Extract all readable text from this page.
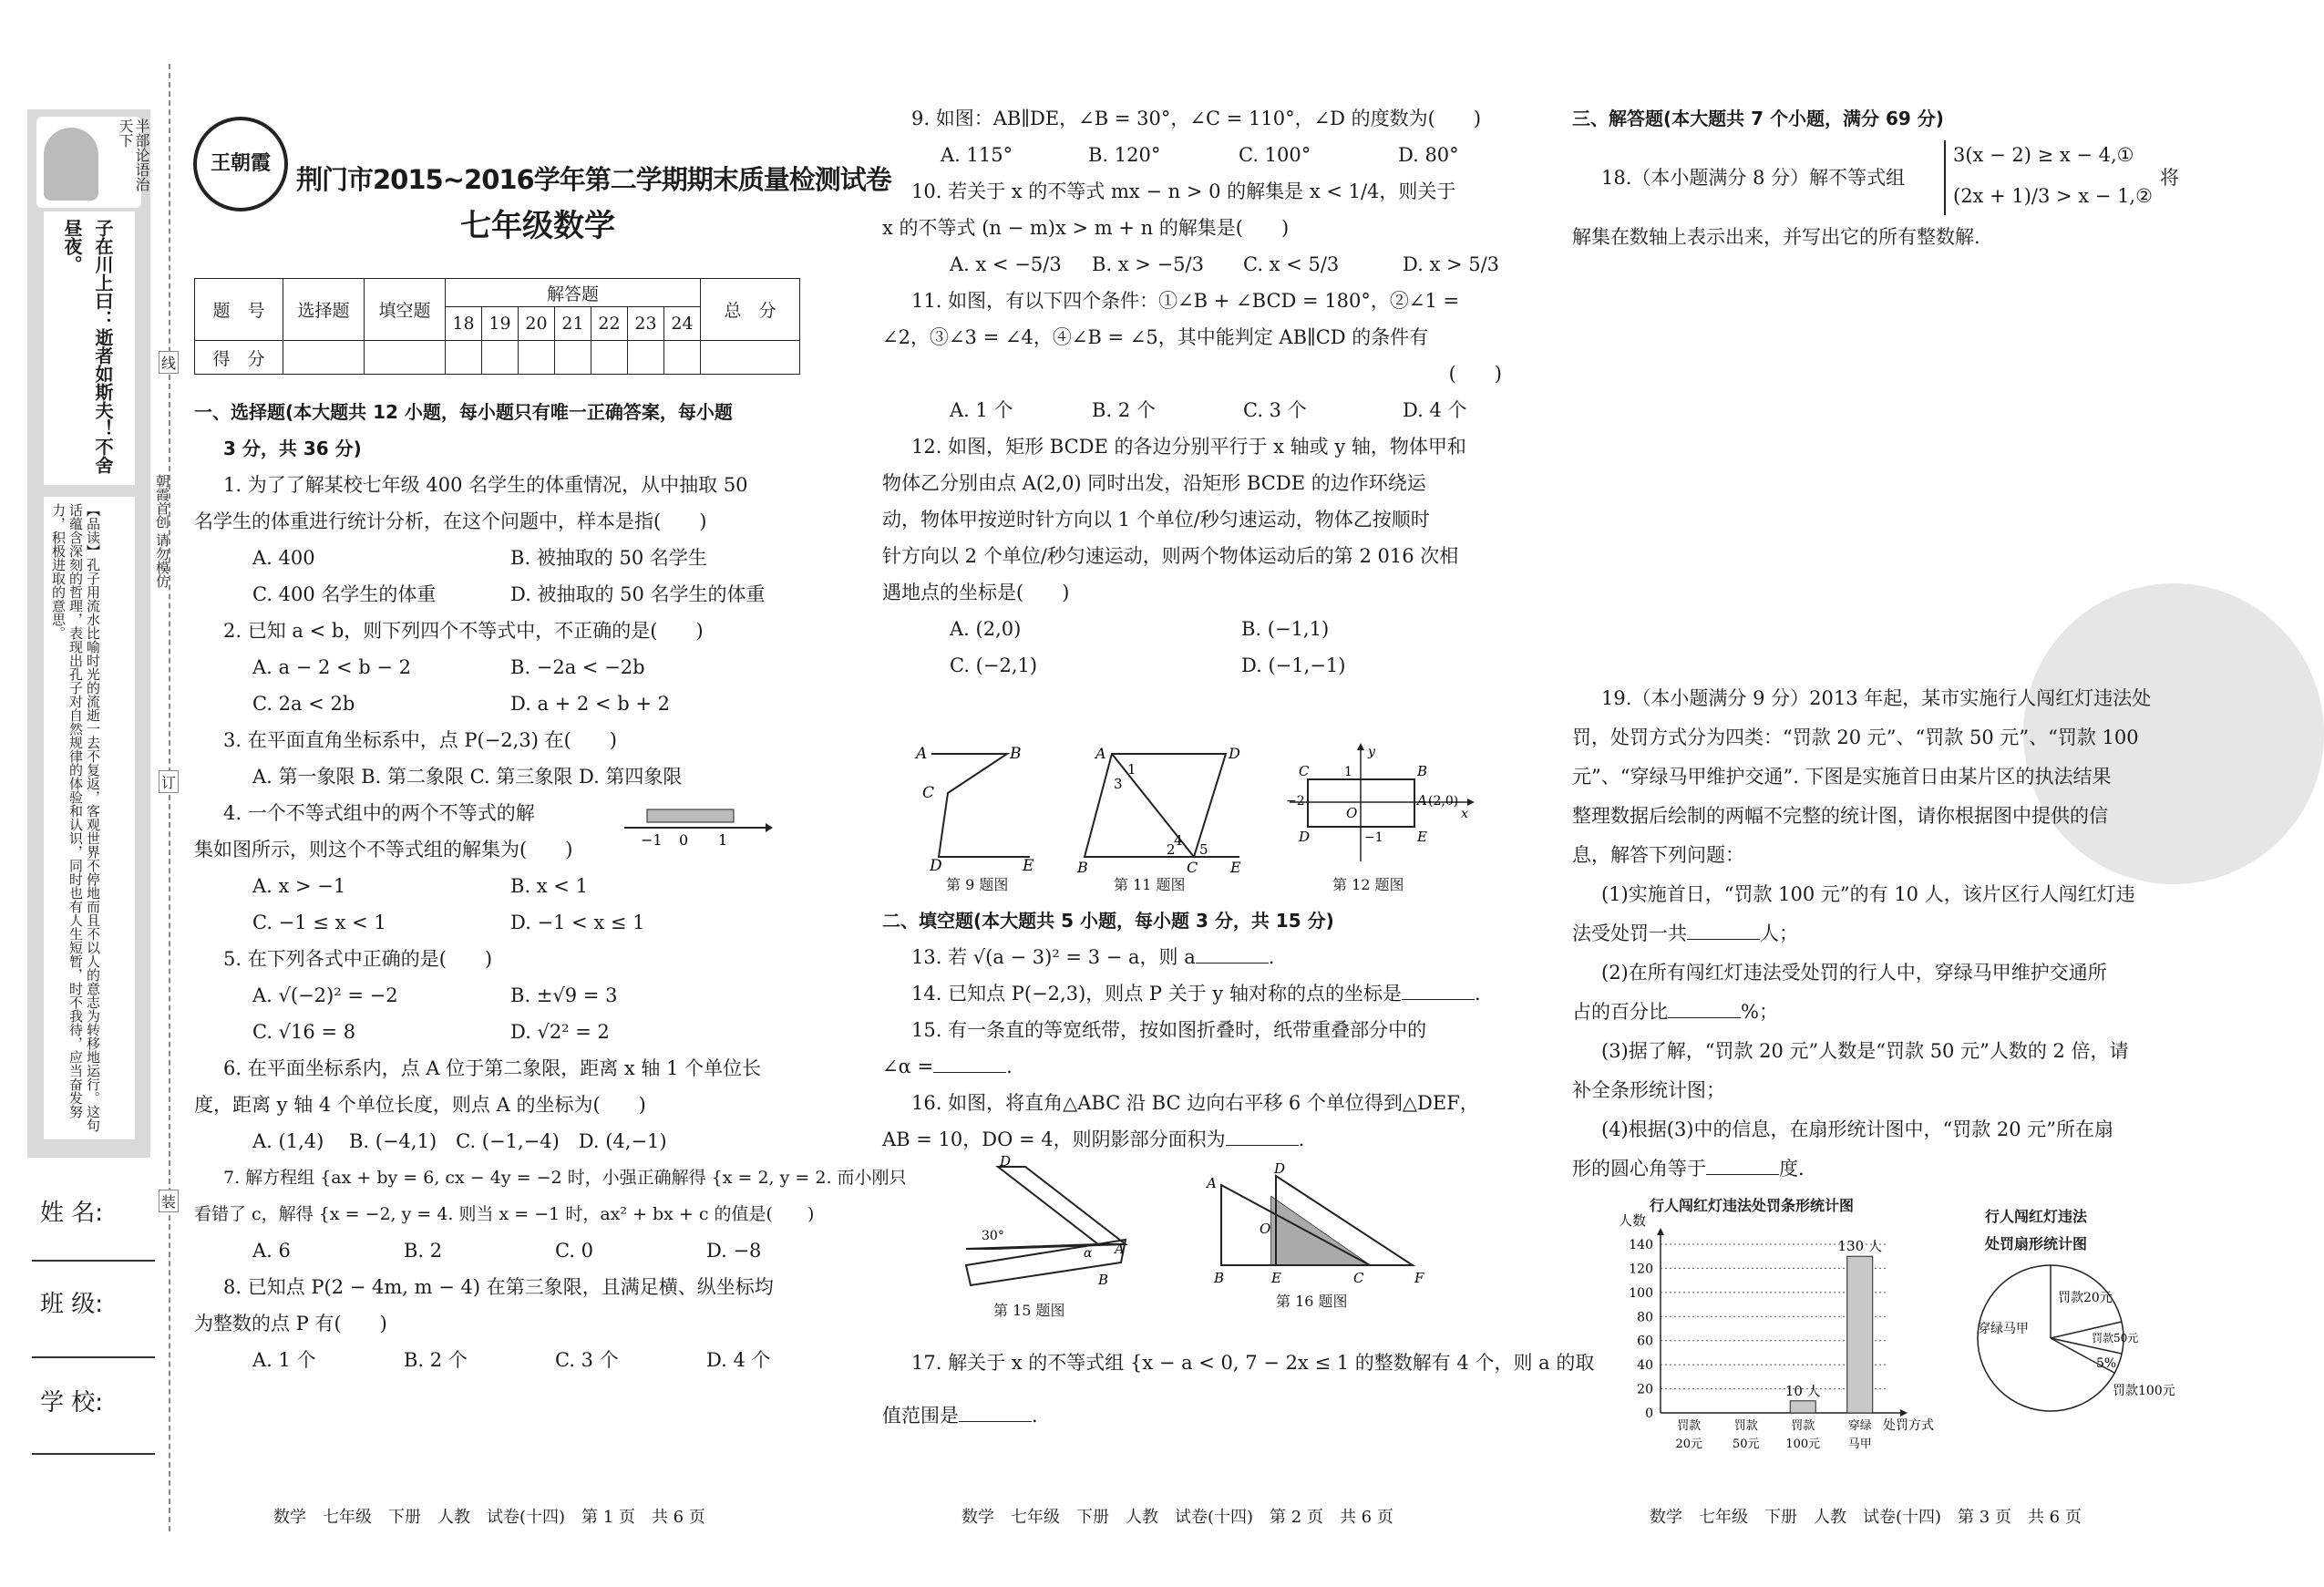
半部论语治天下
子在川上曰：逝者如斯夫！不舍昼夜。
【品读】孔子用流水比喻时光的流逝一去不复返，客观世界不停地而且不以人的意志为转移地运行。这句话蕴含深刻的哲理，表现出孔子对自然规律的体验和认识，同时也有人生短暂，时不我待，应当奋发努力，积极进取的意思。	朝霞首创 请勿模仿
线
订
装
姓 名:
班 级:
学 校:
王朝霞
荆门市2015~2016学年第二学期期末质量检测试卷
七年级数学
题　号	选择题	填空题	解答题							总　分
			18	19	20	21	22	23	24	
得　分										

一、选择题(本大题共 12 小题，每小题只有唯一正确答案，每小题

3 分，共 36 分)

1. 为了了解某校七年级 400 名学生的体重情况，从中抽取 50

名学生的体重进行统计分析，在这个问题中，样本是指(　　)

A. 400	B. 被抽取的 50 名学生

C. 400 名学生的体重	D. 被抽取的 50 名学生的体重

2. 已知 a < b，则下列四个不等式中，不正确的是(　　)

A. a − 2 < b − 2	B. −2a < −2b

C. 2a < 2b	D. a + 2 < b + 2

3. 在平面直角坐标系中，点 P(−2,3) 在(　　)

A. 第一象限 B. 第二象限 C. 第三象限 D. 第四象限

4. 一个不等式组中的两个不等式的解

集如图所示，则这个不等式组的解集为(　　)

A. x > −1	B. x < 1

C. −1 ≤ x < 1	D. −1 < x ≤ 1

5. 在下列各式中正确的是(　　)

A. √(−2)² = −2	B. ±√9 = 3

C. √16 = 8	D. √2² = 2

6. 在平面坐标系内，点 A 位于第二象限，距离 x 轴 1 个单位长

度，距离 y 轴 4 个单位长度，则点 A 的坐标为(　　)

A. (1,4)　 B. (−4,1)　C. (−1,−4)　D. (4,−1)

7. 解方程组 {ax + by = 6, cx − 4y = −2 时，小强正确解得 {x = 2, y = 2. 而小刚只

看错了 c，解得 {x = −2, y = 4. 则当 x = −1 时，ax² + bx + c 的值是(　　)

A. 6	B. 2	C. 0	D. −8

8. 已知点 P(2 − 4m, m − 4) 在第三象限，且满足横、纵坐标均

为整数的点 P 有(　　)

A. 1 个	B. 2 个	C. 3 个	D. 4 个

−1 0 1
数学　七年级　下册　人教　试卷(十四)　第 1 页　共 6 页

9. 如图：AB∥DE，∠B = 30°，∠C = 110°，∠D 的度数为(　　)

A. 115°	B. 120°	C. 100°	D. 80°

10. 若关于 x 的不等式 mx − n > 0 的解集是 x < 1/4，则关于

x 的不等式 (n − m)x > m + n 的解集是(　　)

A. x < −5/3 B. x > −5/3 C. x < 5/3	D. x > 5/3

11. 如图，有以下四个条件：①∠B + ∠BCD = 180°，②∠1 =

∠2，③∠3 = ∠4，④∠B = ∠5，其中能判定 AB∥CD 的条件有

(　　)

A. 1 个	B. 2 个	C. 3 个	D. 4 个

12. 如图，矩形 BCDE 的各边分别平行于 x 轴或 y 轴，物体甲和

物体乙分别由点 A(2,0) 同时出发，沿矩形 BCDE 的边作环绕运

动，物体甲按逆时针方向以 1 个单位/秒匀速运动，物体乙按顺时

针方向以 2 个单位/秒匀速运动，则两个物体运动后的第 2 016 次相

遇地点的坐标是(　　)

A. (2,0)	B. (−1,1)

C. (−2,1)	D. (−1,−1)

A	B
C
D	E
第 9 题图
A	D
1
3
4
2 5
B	C E
第 11 题图
C	B
1
−2	A (2,0)
O
−1
D	E
y
x
第 12 题图

二、填空题(本大题共 5 小题，每小题 3 分，共 15 分)

13. 若 √(a − 3)² = 3 − a，则 a	.

14. 已知点 P(−2,3)，则点 P 关于 y 轴对称的点的坐标是	.

15. 有一条直的等宽纸带，按如图折叠时，纸带重叠部分中的

∠α =	.

16. 如图，将直角△ABC 沿 BC 边向右平移 6 个单位得到△DEF，

AB = 10，DO = 4，则阴影部分面积为	.

D
30°
α A
B
第 15 题图
A
D
O
B	E	C	F
第 16 题图

17. 解关于 x 的不等式组 {x − a < 0, 7 − 2x ≤ 1 的整数解有 4 个，则 a 的取

值范围是	.

数学　七年级　下册　人教　试卷(十四)　第 2 页　共 6 页

三、解答题(本大题共 7 个小题，满分 69 分)

18.（本小题满分 8 分）解不等式组
3(x − 2) ≥ x − 4,①
(2x + 1)/3 > x − 1,②
将

解集在数轴上表示出来，并写出它的所有整数解.

19.（本小题满分 9 分）2013 年起，某市实施行人闯红灯违法处

罚，处罚方式分为四类：“罚款 20 元”、“罚款 50 元”、“罚款 100

元”、“穿绿马甲维护交通”. 下图是实施首日由某片区的执法结果

整理数据后绘制的两幅不完整的统计图，请你根据图中提供的信

息，解答下列问题：

(1)实施首日，“罚款 100 元”的有 10 人，该片区行人闯红灯违

法受处罚一共	人；

(2)在所有闯红灯违法受处罚的行人中，穿绿马甲维护交通所

占的百分比	%；

(3)据了解，“罚款 20 元”人数是“罚款 50 元”人数的 2 倍，请

补全条形统计图；

(4)根据(3)中的信息，在扇形统计图中，“罚款 20 元”所在扇

形的圆心角等于	度.

行人闯红灯违法处罚条形统计图
人数
处罚方式
0
20
40
60
80
100
120
140
罚款
20元
罚款
50元
罚款
100元
穿绿
马甲
10 人
130 人
行人闯红灯违法
处罚扇形统计图
罚款20元
罚款50元
5%
罚款100元
穿绿马甲
数学　七年级　下册　人教　试卷(十四)　第 3 页　共 6 页
